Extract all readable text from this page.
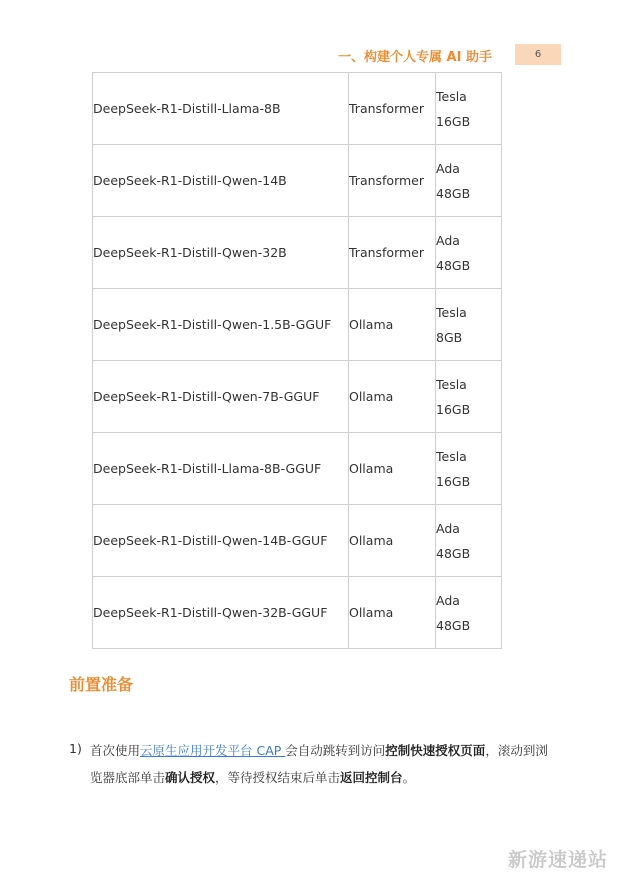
一、构建个人专属 AI 助手	6
DeepSeek-R1-Distill-Llama-8B	Transformer	Tesla
16GB

DeepSeek-R1-Distill-Qwen-14B	Transformer	Ada
48GB

DeepSeek-R1-Distill-Qwen-32B	Transformer	Ada
48GB

DeepSeek-R1-Distill-Qwen-1.5B-GGUF	Ollama	Tesla
8GB

DeepSeek-R1-Distill-Qwen-7B-GGUF	Ollama	Tesla
16GB

DeepSeek-R1-Distill-Llama-8B-GGUF	Ollama	Tesla
16GB

DeepSeek-R1-Distill-Qwen-14B-GGUF	Ollama	Ada
48GB

DeepSeek-R1-Distill-Qwen-32B-GGUF	Ollama	Ada
48GB
前置准备
1) 首次使用云原生应用开发平台 CAP 会自动跳转到访问控制快速授权页面，滚动到浏览器底部单击确认授权，等待授权结束后单击返回控制台。
新游速递站
